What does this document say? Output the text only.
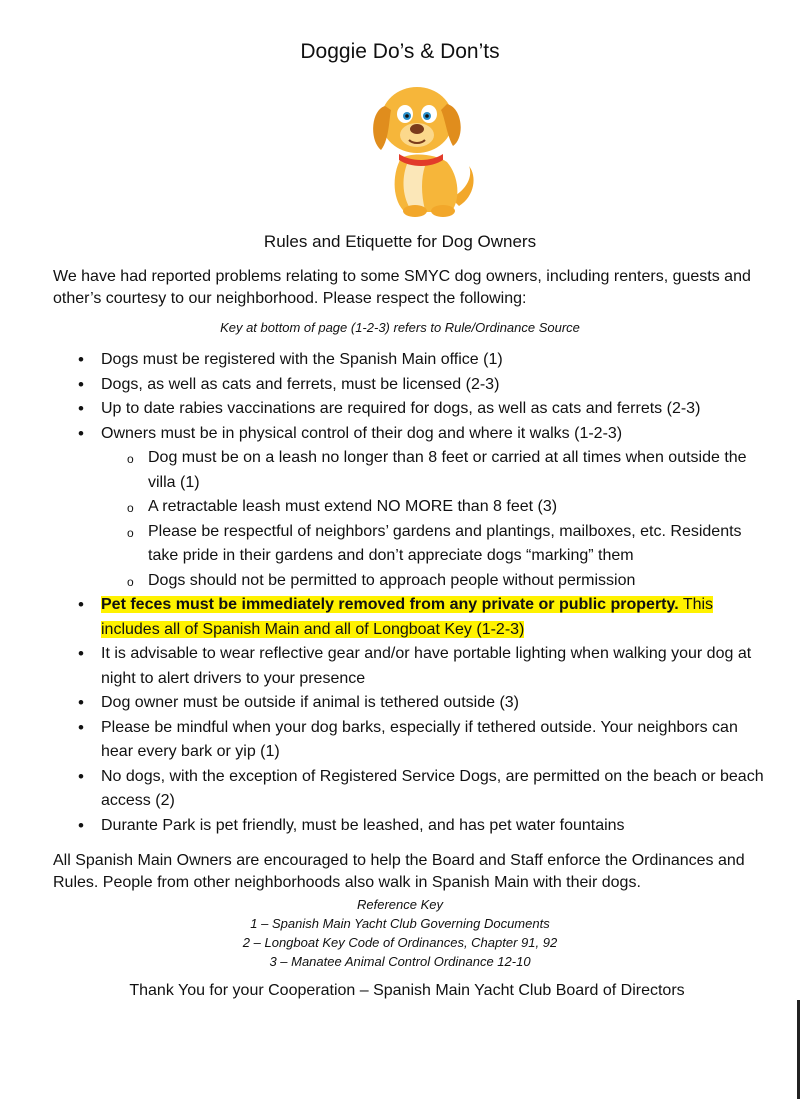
Doggie Do’s & Don’ts
Rules and Etiquette for Dog Owners
We have had reported problems relating to some SMYC dog owners, including renters, guests and other’s courtesy to our neighborhood. Please respect the following:
Key at bottom of page (1-2-3) refers to Rule/Ordinance Source
• Dogs must be registered with the Spanish Main office (1)
• Dogs, as well as cats and ferrets, must be licensed (2-3)
• Up to date rabies vaccinations are required for dogs, as well as cats and ferrets (2-3)
• Owners must be in physical control of their dog and where it walks (1-2-3)
o Dog must be on a leash no longer than 8 feet or carried at all times when outside the villa (1)
o A retractable leash must extend NO MORE than 8 feet (3)
o Please be respectful of neighbors’ gardens and plantings, mailboxes, etc. Residents take pride in their gardens and don’t appreciate dogs “marking” them
o Dogs should not be permitted to approach people without permission
• Pet feces must be immediately removed from any private or public property. This includes all of Spanish Main and all of Longboat Key (1-2-3)
• It is advisable to wear reflective gear and/or have portable lighting when walking your dog at night to alert drivers to your presence
• Dog owner must be outside if animal is tethered outside (3)
• Please be mindful when your dog barks, especially if tethered outside. Your neighbors can hear every bark or yip (1)
• No dogs, with the exception of Registered Service Dogs, are permitted on the beach or beach access (2)
• Durante Park is pet friendly, must be leashed, and has pet water fountains
All Spanish Main Owners are encouraged to help the Board and Staff enforce the Ordinances and Rules. People from other neighborhoods also walk in Spanish Main with their dogs.
Reference Key
1 – Spanish Main Yacht Club Governing Documents
2 – Longboat Key Code of Ordinances, Chapter 91, 92
3 – Manatee Animal Control Ordinance 12-10
Thank You for your Cooperation – Spanish Main Yacht Club Board of Directors
